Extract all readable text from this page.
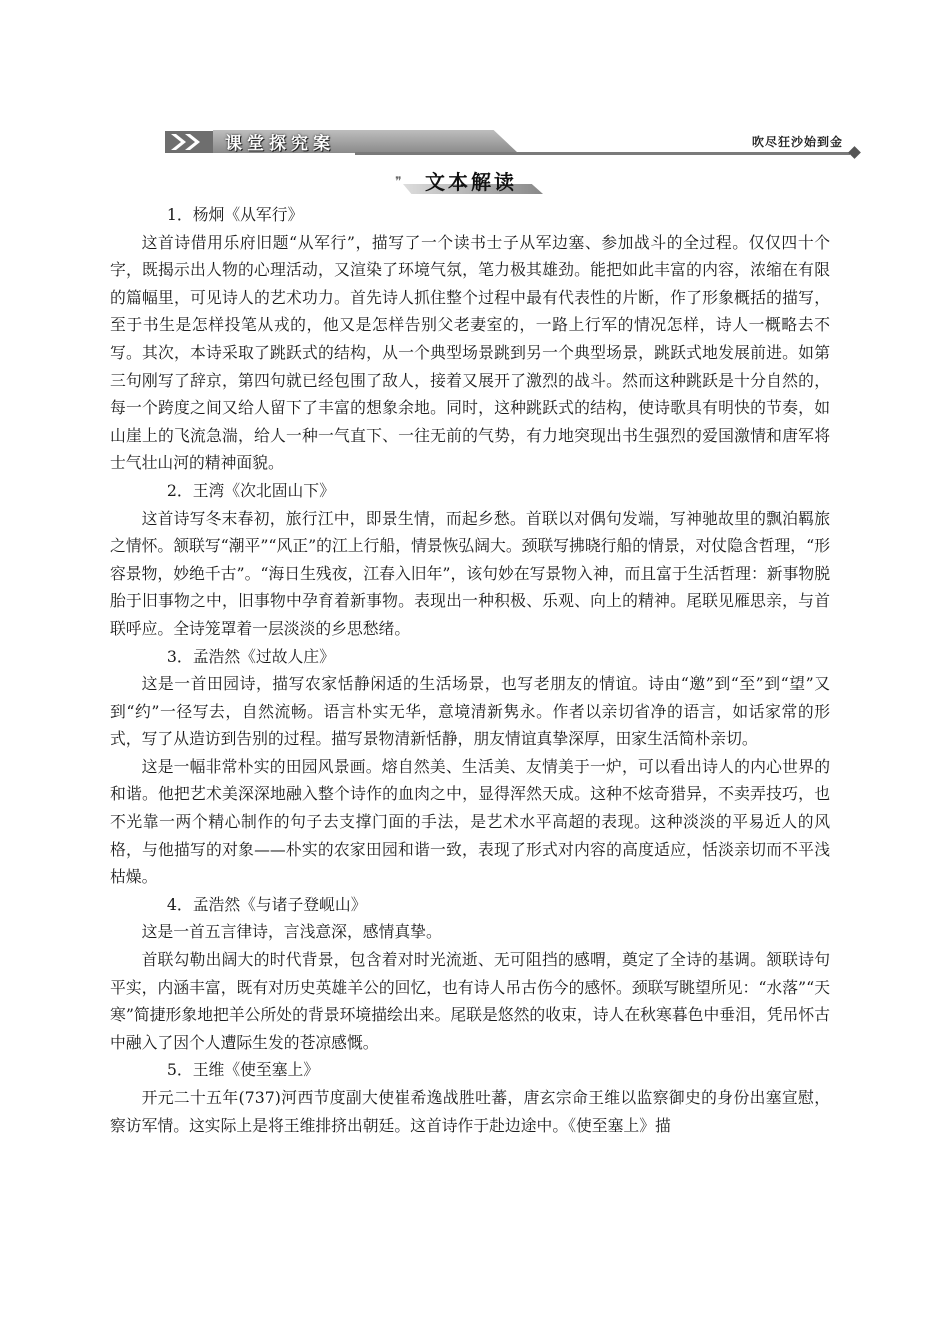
课堂探究案	吹尽狂沙始到金
❞ 文本解读

1．杨炯《从军行》

这首诗借用乐府旧题“从军行”，描写了一个读书士子从军边塞、参加战斗的全过程。仅仅四十个字，既揭示出人物的心理活动，又渲染了环境气氛，笔力极其雄劲。能把如此丰富的内容，浓缩在有限的篇幅里，可见诗人的艺术功力。首先诗人抓住整个过程中最有代表性的片断，作了形象概括的描写，至于书生是怎样投笔从戎的，他又是怎样告别父老妻室的，一路上行军的情况怎样，诗人一概略去不写。其次，本诗采取了跳跃式的结构，从一个典型场景跳到另一个典型场景，跳跃式地发展前进。如第三句刚写了辞京，第四句就已经包围了敌人，接着又展开了激烈的战斗。然而这种跳跃是十分自然的，每一个跨度之间又给人留下了丰富的想象余地。同时，这种跳跃式的结构，使诗歌具有明快的节奏，如山崖上的飞流急湍，给人一种一气直下、一往无前的气势，有力地突现出书生强烈的爱国激情和唐军将士气壮山河的精神面貌。

2．王湾《次北固山下》

这首诗写冬末春初，旅行江中，即景生情，而起乡愁。首联以对偶句发端，写神驰故里的飘泊羁旅之情怀。颔联写“潮平”“风正”的江上行船，情景恢弘阔大。颈联写拂晓行船的情景，对仗隐含哲理，“形容景物，妙绝千古”。“海日生残夜，江春入旧年”，该句妙在写景物入神，而且富于生活哲理：新事物脱胎于旧事物之中，旧事物中孕育着新事物。表现出一种积极、乐观、向上的精神。尾联见雁思亲，与首联呼应。全诗笼罩着一层淡淡的乡思愁绪。

3．孟浩然《过故人庄》

这是一首田园诗，描写农家恬静闲适的生活场景，也写老朋友的情谊。诗由“邀”到“至”到“望”又到“约”一径写去，自然流畅。语言朴实无华，意境清新隽永。作者以亲切省净的语言，如话家常的形式，写了从造访到告别的过程。描写景物清新恬静，朋友情谊真挚深厚，田家生活简朴亲切。

这是一幅非常朴实的田园风景画。熔自然美、生活美、友情美于一炉，可以看出诗人的内心世界的和谐。他把艺术美深深地融入整个诗作的血肉之中，显得浑然天成。这种不炫奇猎异，不卖弄技巧，也不光靠一两个精心制作的句子去支撑门面的手法，是艺术水平高超的表现。这种淡淡的平易近人的风格，与他描写的对象——朴实的农家田园和谐一致，表现了形式对内容的高度适应，恬淡亲切而不平浅枯燥。

4．孟浩然《与诸子登岘山》

这是一首五言律诗，言浅意深，感情真挚。

首联勾勒出阔大的时代背景，包含着对时光流逝、无可阻挡的感喟，奠定了全诗的基调。颔联诗句平实，内涵丰富，既有对历史英雄羊公的回忆，也有诗人吊古伤今的感怀。颈联写眺望所见：“水落”“天寒”简捷形象地把羊公所处的背景环境描绘出来。尾联是悠然的收束，诗人在秋寒暮色中垂泪，凭吊怀古中融入了因个人遭际生发的苍凉感慨。

5．王维《使至塞上》

开元二十五年(737)河西节度副大使崔希逸战胜吐蕃，唐玄宗命王维以监察御史的身份出塞宣慰，察访军情。这实际上是将王维排挤出朝廷。这首诗作于赴边途中。《使至塞上》描
